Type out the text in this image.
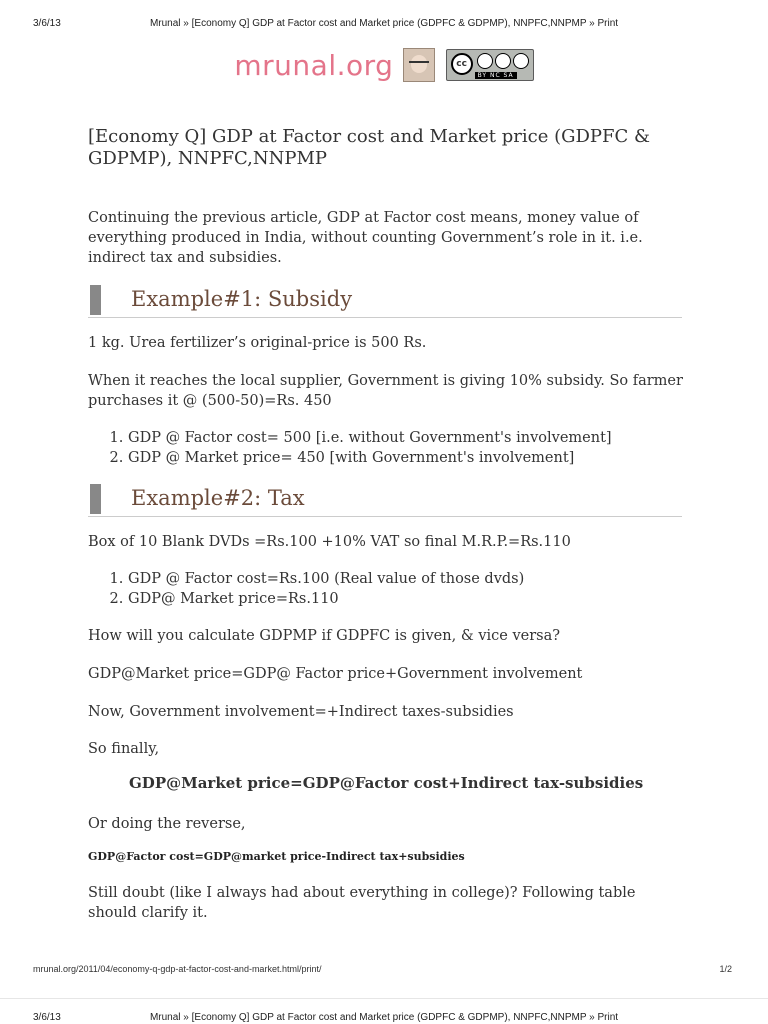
3/6/13	Mrunal » [Economy Q] GDP at Factor cost and Market price (GDPFC & GDPMP), NNPFC,NNPMP » Print
mrunal.org
	cc
BY NC SA
[Economy Q] GDP at Factor cost and Market price (GDPFC & GDPMP), NNPFC,NNPMP

Continuing the previous article, GDP at Factor cost means, money value of everything produced in India, without counting Government’s role in it. i.e. indirect tax and subsidies.

Example#1: Subsidy

1 kg. Urea fertilizer’s original-price is 500 Rs.

When it reaches the local supplier, Government is giving 10% subsidy. So farmer purchases it @ (500-50)=Rs. 450

1. GDP @ Factor cost= 500 [i.e. without Government's involvement]
2. GDP @ Market price= 450 [with Government's involvement]
Example#2: Tax

Box of 10 Blank DVDs =Rs.100 +10% VAT so final M.R.P.=Rs.110

1. GDP @ Factor cost=Rs.100 (Real value of those dvds)
2. GDP@ Market price=Rs.110

How will you calculate GDPMP if GDPFC is given, & vice versa?

GDP@Market price=GDP@ Factor price+Government involvement

Now, Government involvement=+Indirect taxes-subsidies

So finally,

GDP@Market price=GDP@Factor cost+Indirect tax-subsidies

Or doing the reverse,

GDP@Factor cost=GDP@market price-Indirect tax+subsidies

Still doubt (like I always had about everything in college)? Following table should clarify it.

mrunal.org/2011/04/economy-q-gdp-at-factor-cost-and-market.html/print/	1/2
3/6/13	Mrunal » [Economy Q] GDP at Factor cost and Market price (GDPFC & GDPMP), NNPFC,NNPMP » Print
